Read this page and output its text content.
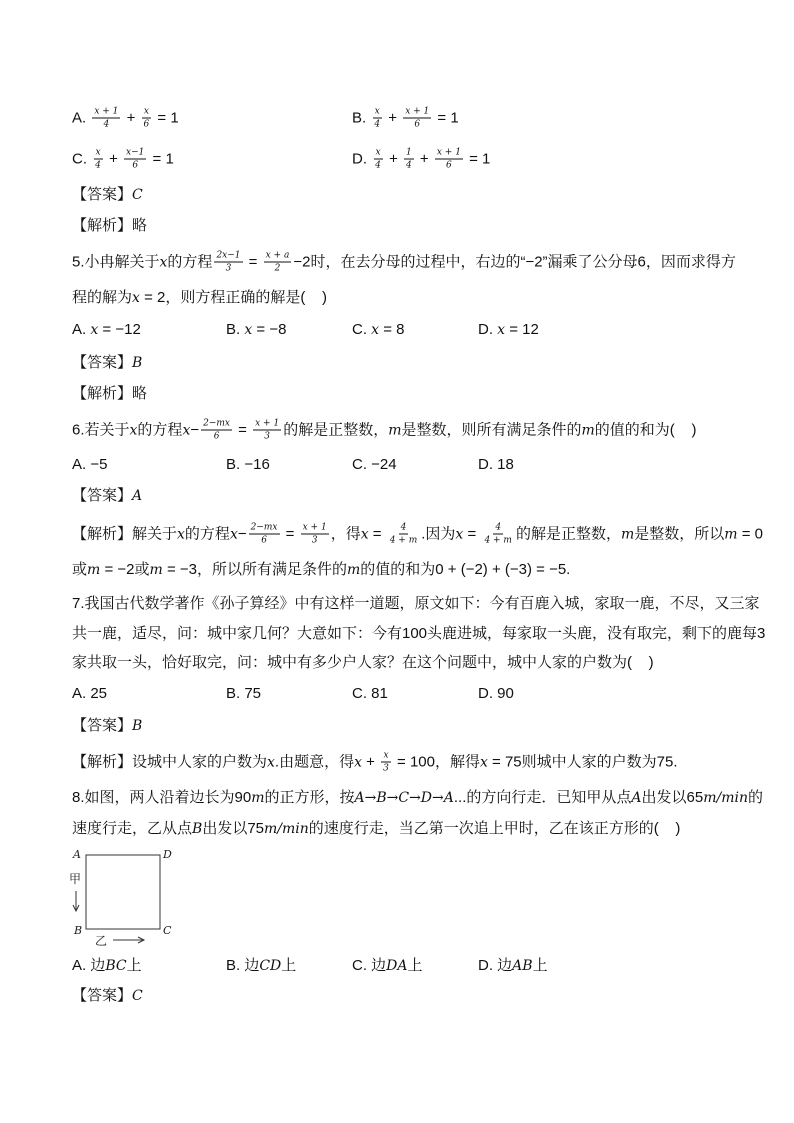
A. $\frac{x + 1}{4} + \frac{x}{6} = 1$	B. $\frac{x}{4} + \frac{x + 1}{6} = 1$
C. $\frac{x}{4} + \frac{x-1}{6} = 1$	D. $\frac{x}{4} + \frac{1}{4} + \frac{x + 1}{6} = 1$
【答案】 C
【解析】略
5.小冉解关于 x 的方程 $\frac{2x-1}{3} = \frac{x + a}{2} -2$时，在去分母的过程中，右边的“−2”漏乘了公分母6，因而求得方
程的解为 x = 2，则方程正确的解是(    )
A. x = −12	B. x = −8	C. x = 8	D. x = 12
【答案】 B
【解析】略
6.若关于 x 的方程 $x - \frac{2-mx}{6} = \frac{x + 1}{3}$ 的解是正整数， m 是整数，则所有满足条件的 m 的值的和为(    )
A. −5	B. −16	C. −24	D. 18
【答案】 A
【解析】解关于 x 的方程 $x - \frac{2-mx}{6} = \frac{x + 1}{3}$ ，得 $x = \frac{4}{4 + m}$ .因为 $x = \frac{4}{4 + m}$ 的解是正整数， m 是整数，所以 m = 0
或 m = −2或 m = −3，所以所有满足条件的 m 的值的和为0 + (−2) + (−3) = −5.
7.我国古代数学著作《孙子算经》中有这样一道题，原文如下：今有百鹿入城，家取一鹿，不尽，又三家
共一鹿，适尽，问：城中家几何？大意如下：今有100头鹿进城，每家取一头鹿，没有取完，剩下的鹿每3
家共取一头，恰好取完，问：城中有多少户人家？在这个问题中，城中人家的户数为(    )
A. 25	B. 75	C. 81	D. 90
【答案】 B
【解析】设城中人家的户数为 x .由题意，得 $x + \frac{x}{3} = 100$，解得 x = 75则城中人家的户数为75.
8.如图，两人沿着边长为90 m 的正方形，按 A→B→C→D→A ...的方向行走．已知甲从点 A 出发以65 m/min 的
速度行走，乙从点 B 出发以75 m/min 的速度行走，当乙第一次追上甲时，乙在该正方形的(    )
A	D
B	C
甲
乙
A. 边 BC 上	B. 边 CD 上	C. 边 DA 上	D. 边 AB 上
【答案】 C
